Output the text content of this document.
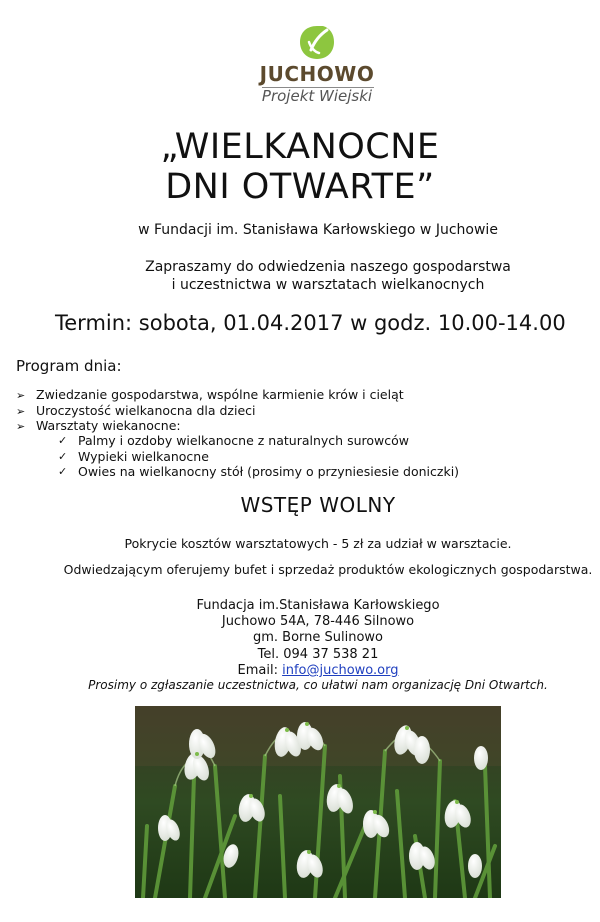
JUCHOWO
Projekt Wiejski
„WIELKANOCNE
DNI OTWARTE”
w Fundacji im. Stanisława Karłowskiego w Juchowie
Zapraszamy do odwiedzenia naszego gospodarstwa
i uczestnictwa w warsztatach wielkanocnych
Termin: sobota, 01.04.2017 w godz. 10.00-14.00
Program dnia:
➢ Zwiedzanie gospodarstwa, wspólne karmienie krów i cieląt
➢ Uroczystość wielkanocna dla dzieci
➢ Warsztaty wiekanocne:
✓ Palmy i ozdoby wielkanocne z naturalnych surowców
✓ Wypieki wielkanocne
✓ Owies na wielkanocny stół (prosimy o przyniesiesie doniczki)
WSTĘP WOLNY
Pokrycie kosztów warsztatowych - 5 zł za udział w warsztacie.
Odwiedzającym oferujemy bufet i sprzedaż produktów ekologicznych gospodarstwa.
Fundacja im.Stanisława Karłowskiego
Juchowo 54A, 78-446 Silnowo
gm. Borne Sulinowo
Tel. 094 37 538 21
Email: info@juchowo.org
Prosimy o zgłaszanie uczestnictwa, co ułatwi nam organizację Dni Otwartch.
